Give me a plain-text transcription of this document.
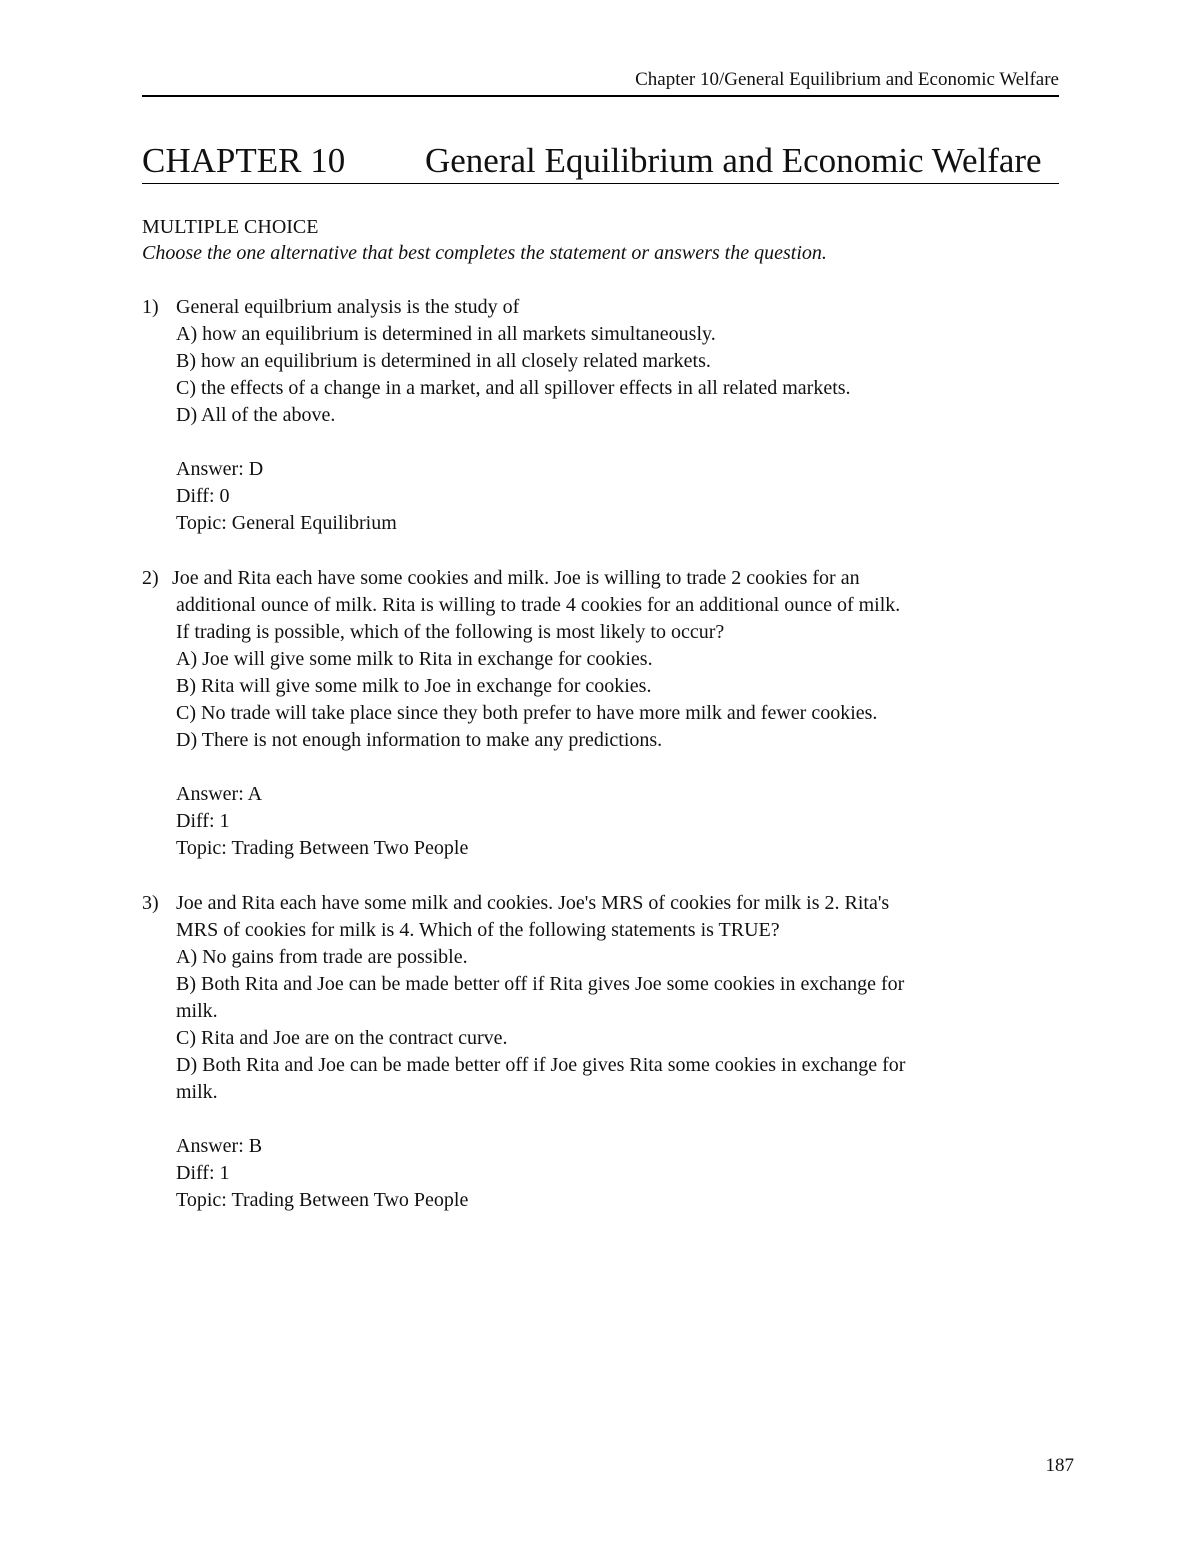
Chapter 10/General Equilibrium and Economic Welfare
CHAPTER 10 General Equilibrium and Economic Welfare
MULTIPLE CHOICE
Choose the one alternative that best completes the statement or answers the question.
1) General equilbrium analysis is the study of
A) how an equilibrium is determined in all markets simultaneously.
B) how an equilibrium is determined in all closely related markets.
C) the effects of a change in a market, and all spillover effects in all related markets.
D) All of the above.
Answer: D
Diff: 0
Topic: General Equilibrium
2) Joe and Rita each have some cookies and milk. Joe is willing to trade 2 cookies for an
additional ounce of milk. Rita is willing to trade 4 cookies for an additional ounce of milk.
If trading is possible, which of the following is most likely to occur?
A) Joe will give some milk to Rita in exchange for cookies.
B) Rita will give some milk to Joe in exchange for cookies.
C) No trade will take place since they both prefer to have more milk and fewer cookies.
D) There is not enough information to make any predictions.
Answer: A
Diff: 1
Topic: Trading Between Two People
3) Joe and Rita each have some milk and cookies. Joe's MRS of cookies for milk is 2. Rita's
MRS of cookies for milk is 4. Which of the following statements is TRUE?
A) No gains from trade are possible.
B) Both Rita and Joe can be made better off if Rita gives Joe some cookies in exchange for
milk.
C) Rita and Joe are on the contract curve.
D) Both Rita and Joe can be made better off if Joe gives Rita some cookies in exchange for
milk.
Answer: B
Diff: 1
Topic: Trading Between Two People
187
